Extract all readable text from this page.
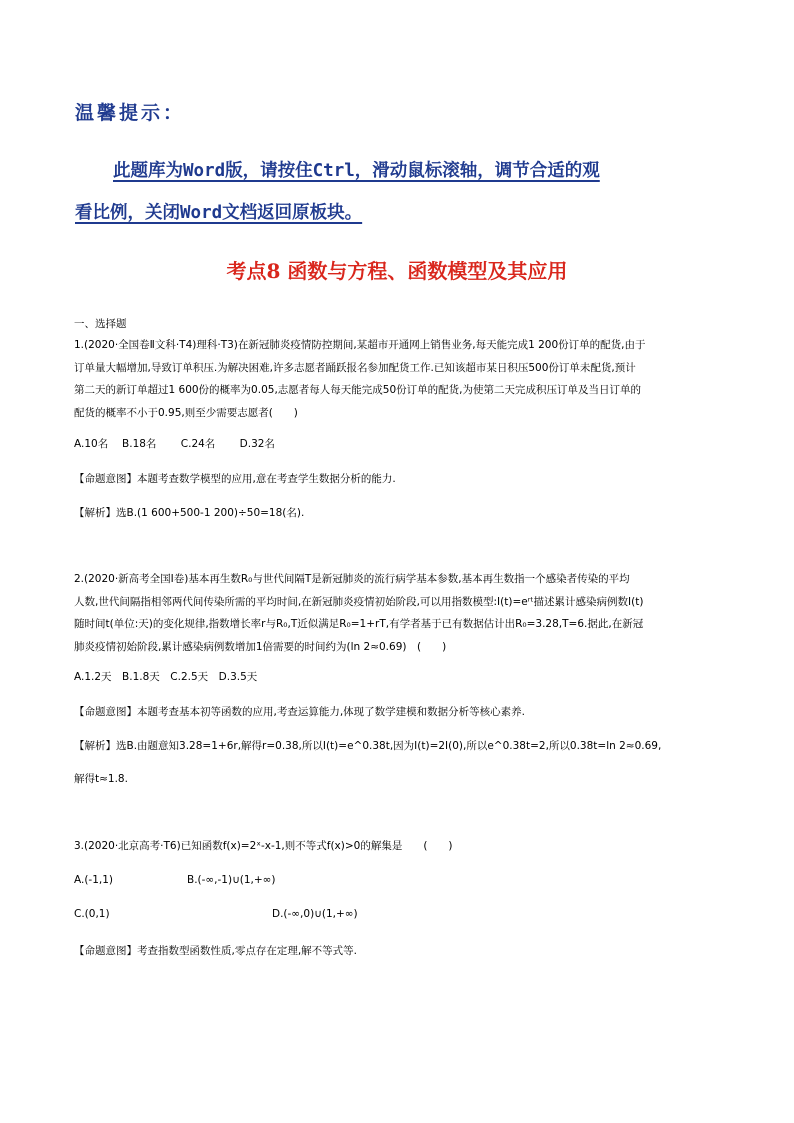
温馨提示：
此题库为Word版，请按住Ctrl，滑动鼠标滚轴，调节合适的观
看比例，关闭Word文档返回原板块。
考点8 函数与方程、函数模型及其应用
一、选择题
1.(2020·全国卷Ⅱ文科·T4)理科·T3)在新冠肺炎疫情防控期间,某超市开通网上销售业务,每天能完成1 200份订单的配货,由于
订单量大幅增加,导致订单积压.为解决困难,许多志愿者踊跃报名参加配货工作.已知该超市某日积压500份订单未配货,预计
第二天的新订单超过1 600份的概率为0.05,志愿者每人每天能完成50份订单的配货,为使第二天完成积压订单及当日订单的
配货的概率不小于0.95,则至少需要志愿者(　　)
A.10名　 B.18名　　 C.24名　　 D.32名
【命题意图】本题考查数学模型的应用,意在考查学生数据分析的能力.
【解析】选B.(1 600+500-1 200)÷50=18(名).
2.(2020·新高考全国Ⅰ卷)基本再生数R₀与世代间隔T是新冠肺炎的流行病学基本参数,基本再生数指一个感染者传染的平均
人数,世代间隔指相邻两代间传染所需的平均时间,在新冠肺炎疫情初始阶段,可以用指数模型:I(t)=eʳᵗ描述累计感染病例数I(t)
随时间t(单位:天)的变化规律,指数增长率r与R₀,T近似满足R₀=1+rT,有学者基于已有数据估计出R₀=3.28,T=6.据此,在新冠
肺炎疫情初始阶段,累计感染病例数增加1倍需要的时间约为(ln 2≈0.69)　(　　)
A.1.2天　B.1.8天　C.2.5天　D.3.5天
【命题意图】本题考查基本初等函数的应用,考查运算能力,体现了数学建模和数据分析等核心素养.
【解析】选B.由题意知3.28=1+6r,解得r=0.38,所以I(t)=e^0.38t,因为I(t)=2I(0),所以e^0.38t=2,所以0.38t=ln 2≈0.69,
解得t≈1.8.
3.(2020·北京高考·T6)已知函数f(x)=2ˣ-x-1,则不等式f(x)>0的解集是　　(　　)
A.(-1,1)	B.(-∞,-1)∪(1,+∞)
C.(0,1)	D.(-∞,0)∪(1,+∞)
【命题意图】考查指数型函数性质,零点存在定理,解不等式等.
